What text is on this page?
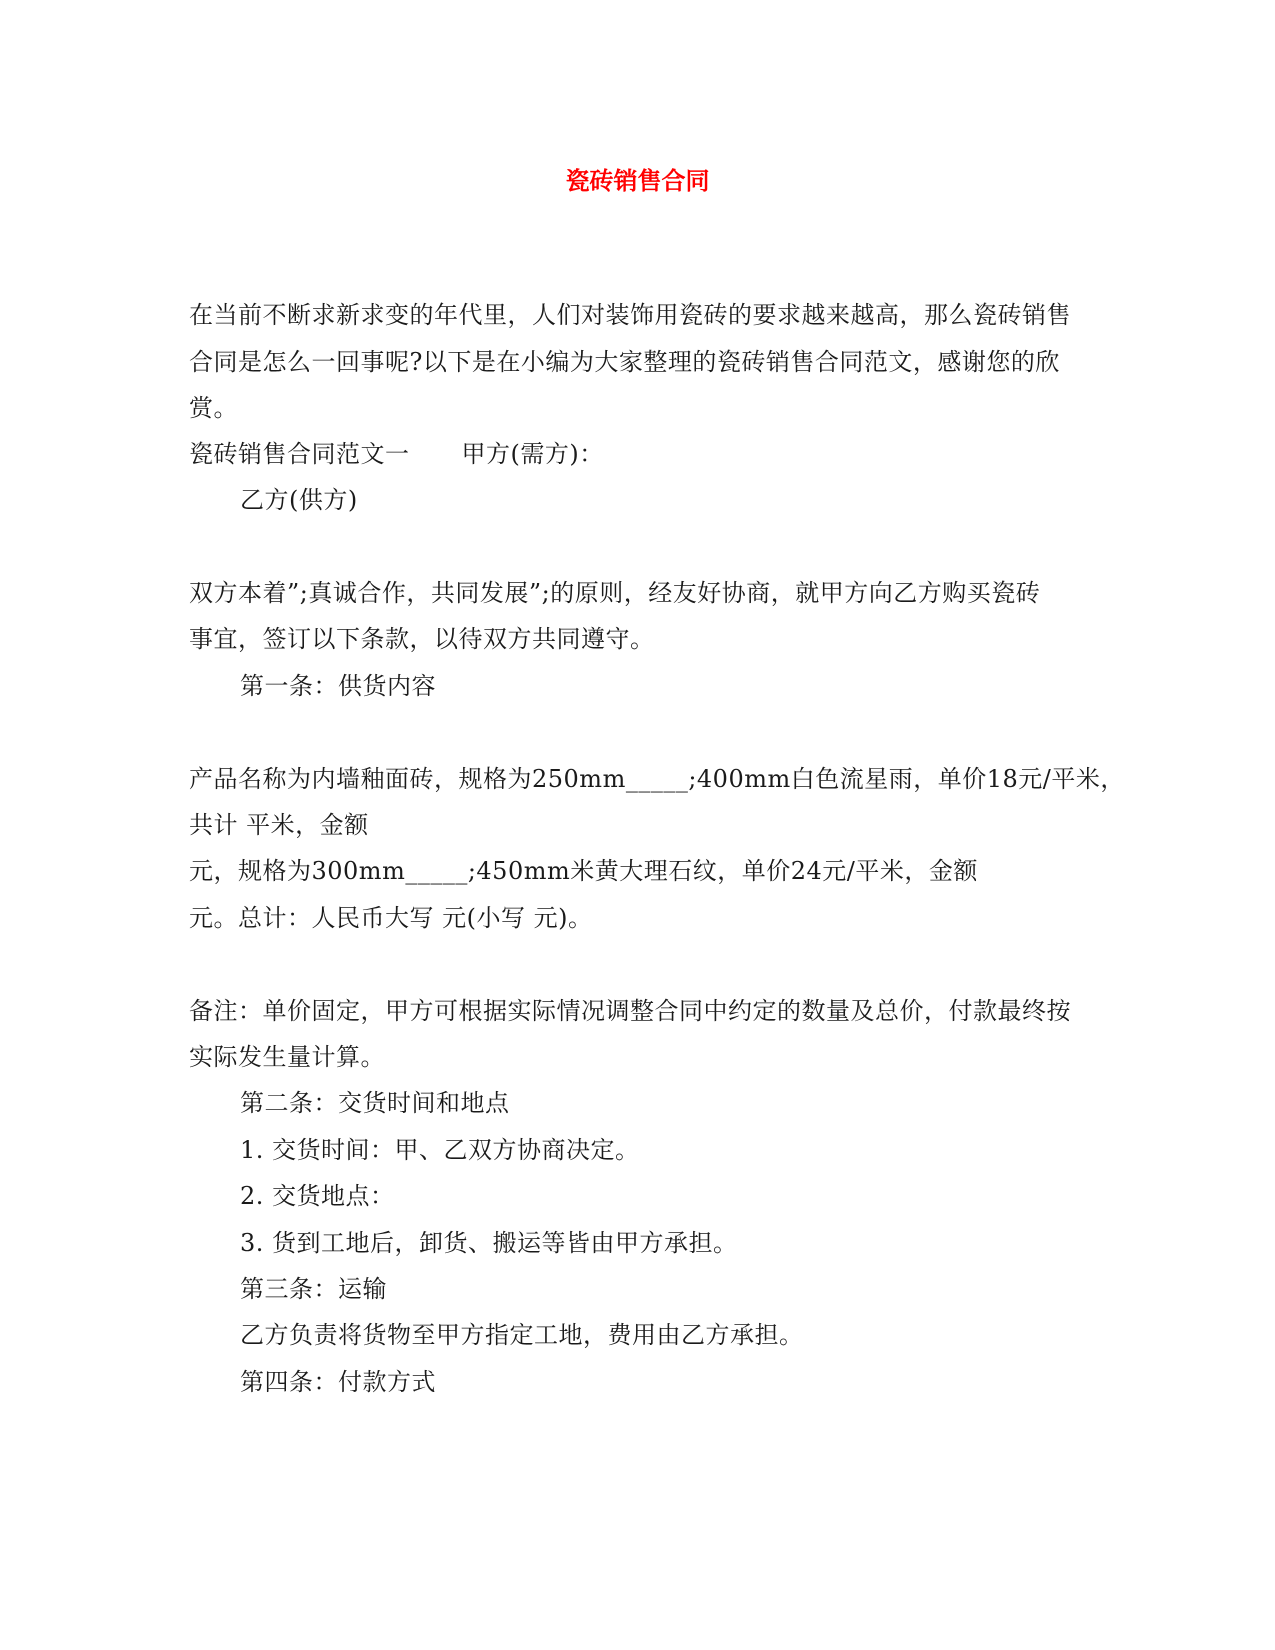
瓷砖销售合同
在当前不断求新求变的年代里，人们对装饰用瓷砖的要求越来越高，那么瓷砖销售
合同是怎么一回事呢?以下是在小编为大家整理的瓷砖销售合同范文，感谢您的欣
赏。
瓷砖销售合同范文一 甲方(需方)：
乙方(供方)
双方本着”;真诚合作，共同发展”;的原则，经友好协商，就甲方向乙方购买瓷砖
事宜，签订以下条款，以待双方共同遵守。
第一条：供货内容
产品名称为内墙釉面砖，规格为250mm_____;400mm白色流星雨，单价18元/平米，
共计 平米，金额
元，规格为300mm_____;450mm米黄大理石纹，单价24元/平米，金额
元。总计：人民币大写 元(小写 元)。
备注：单价固定，甲方可根据实际情况调整合同中约定的数量及总价，付款最终按
实际发生量计算。
第二条：交货时间和地点
1. 交货时间：甲、乙双方协商决定。
2. 交货地点：
3. 货到工地后，卸货、搬运等皆由甲方承担。
第三条：运输
乙方负责将货物至甲方指定工地，费用由乙方承担。
第四条：付款方式
